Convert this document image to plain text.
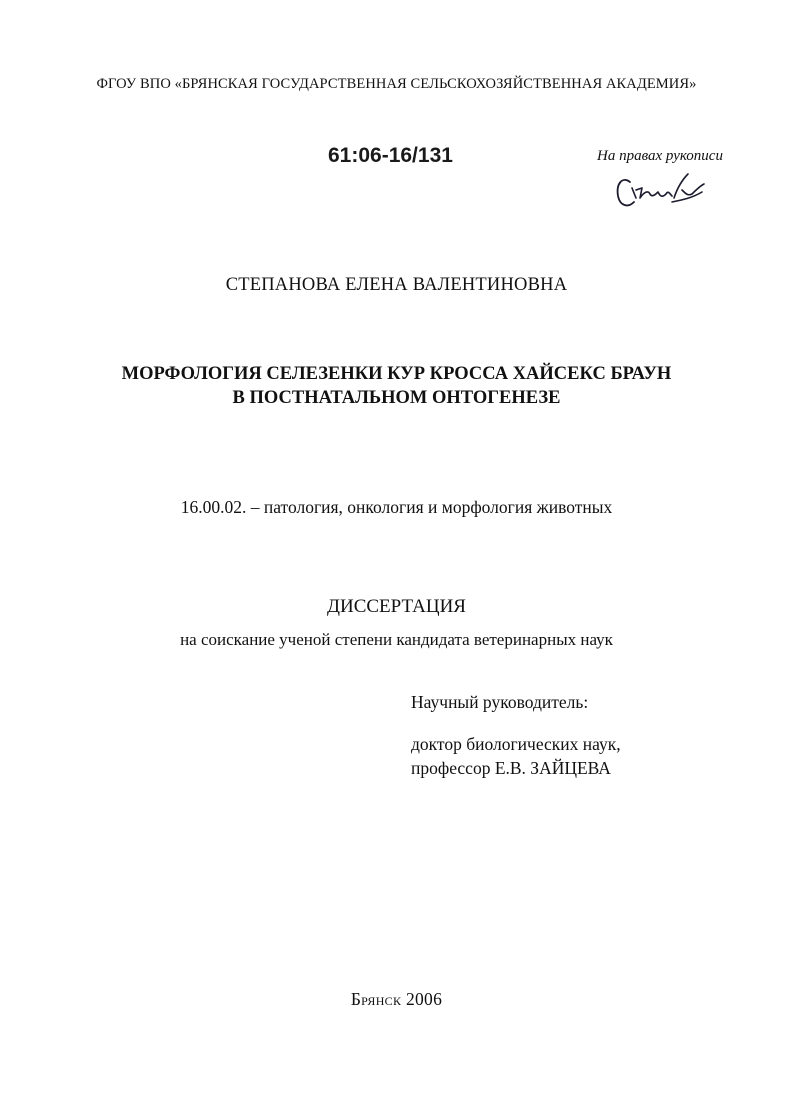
ФГОУ ВПО «БРЯНСКАЯ ГОСУДАРСТВЕННАЯ СЕЛЬСКОХОЗЯЙСТВЕННАЯ АКАДЕМИЯ»
61:06-16/131	На правах рукописи
СТЕПАНОВА ЕЛЕНА ВАЛЕНТИНОВНА
МОРФОЛОГИЯ СЕЛЕЗЕНКИ КУР КРОССА ХАЙСЕКС БРАУН
В ПОСТНАТАЛЬНОМ ОНТОГЕНЕЗЕ
16.00.02. – патология, онкология и морфология животных
ДИССЕРТАЦИЯ
на соискание ученой степени кандидата ветеринарных наук
Научный руководитель:
доктор биологических наук,
профессор Е.В. ЗАЙЦЕВА
Брянск 2006
